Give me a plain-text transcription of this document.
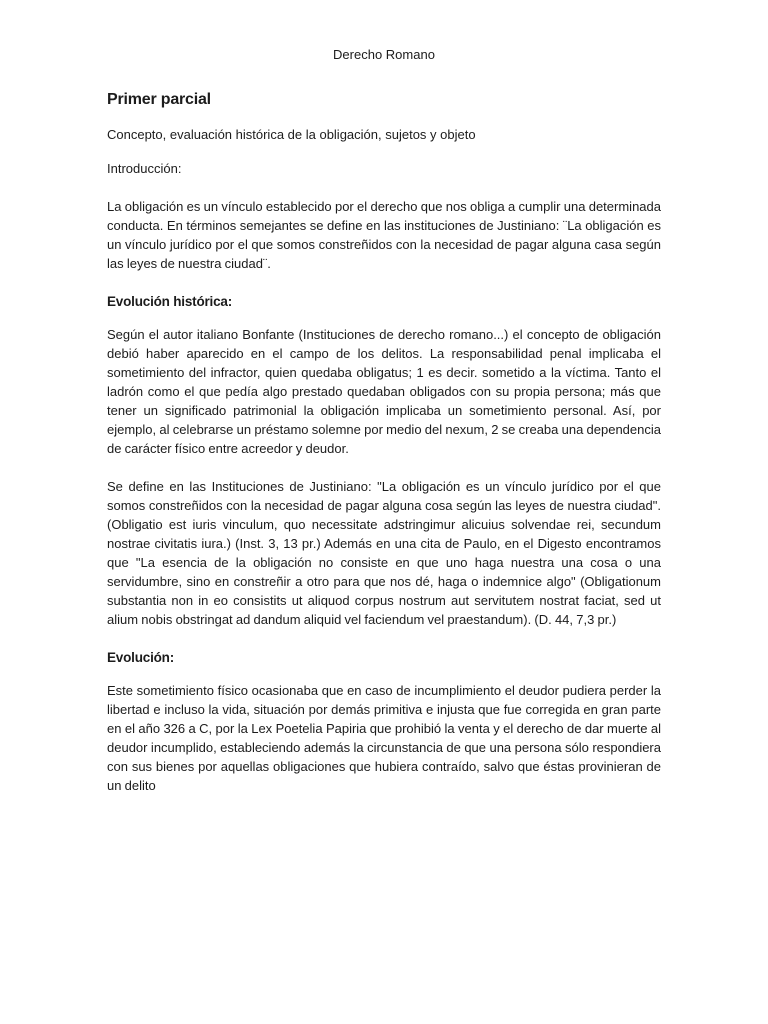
Derecho Romano
Primer parcial
Concepto, evaluación histórica de la obligación, sujetos y objeto
Introducción:
La obligación es un vínculo establecido por el derecho que nos obliga a cumplir una determinada conducta. En términos semejantes se define en las instituciones de Justiniano: ¨La obligación es un vínculo jurídico por el que somos constreñidos con la necesidad de pagar alguna casa según las leyes de nuestra ciudad¨.
Evolución histórica:
Según el autor italiano Bonfante (Instituciones de derecho romano...) el concepto de obligación debió haber aparecido en el campo de los delitos. La responsabilidad penal implicaba el sometimiento del infractor, quien quedaba obligatus; 1 es decir. sometido a la víctima. Tanto el ladrón como el que pedía algo prestado quedaban obligados con su propia persona; más que tener un significado patrimonial la obligación implicaba un sometimiento personal. Así, por ejemplo, al celebrarse un préstamo solemne por medio del nexum, 2 se creaba una dependencia de carácter físico entre acreedor y deudor.
Se define en las Instituciones de Justiniano: "La obligación es un vínculo jurídico por el que somos constreñidos con la necesidad de pagar alguna cosa según las leyes de nuestra ciudad". (Obligatio est iuris vinculum, quo necessitate adstringimur alicuius solvendae rei, secundum nostrae civitatis iura.) (Inst. 3, 13 pr.) Además en una cita de Paulo, en el Digesto encontramos que "La esencia de la obligación no consiste en que uno haga nuestra una cosa o una servidumbre, sino en constreñir a otro para que nos dé, haga o indemnice algo" (Obligationum substantia non in eo consistits ut aliquod corpus nostrum aut servitutem nostrat faciat, sed ut alium nobis obstringat ad dandum aliquid vel faciendum vel praestandum). (D. 44, 7,3 pr.)
Evolución:
Este sometimiento físico ocasionaba que en caso de incumplimiento el deudor pudiera perder la libertad e incluso la vida, situación por demás primitiva e injusta que fue corregida en gran parte en el año 326 a C, por la Lex Poetelia Papiria que prohibió la venta y el derecho de dar muerte al deudor incumplido, estableciendo además la circunstancia de que una persona sólo respondiera con sus bienes por aquellas obligaciones que hubiera contraído, salvo que éstas provinieran de un delito
